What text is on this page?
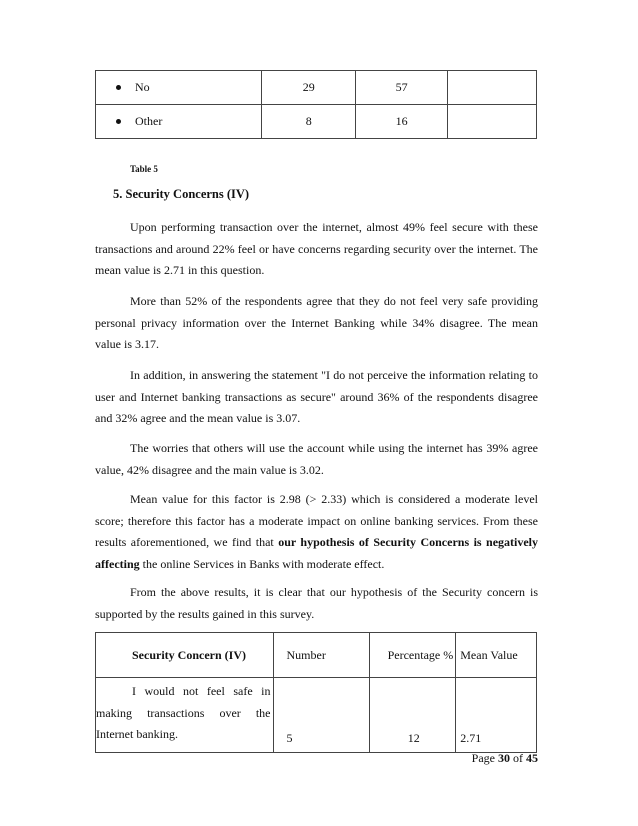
No	29	57	
Other	8	16	
Table 5
5. Security Concerns (IV)
Upon performing transaction over the internet, almost 49% feel secure with these transactions and around 22% feel or have concerns regarding security over the internet. The mean value is 2.71 in this question.
More than 52% of the respondents agree that they do not feel very safe providing personal privacy information over the Internet Banking while 34% disagree. The mean value is 3.17.
In addition, in answering the statement "I do not perceive the information relating to user and Internet banking transactions as secure" around 36% of the respondents disagree and 32% agree and the mean value is 3.07.
The worries that others will use the account while using the internet has 39% agree value, 42% disagree and the main value is 3.02.
Mean value for this factor is 2.98 (> 2.33) which is considered a moderate level score; therefore this factor has a moderate impact on online banking services. From these results aforementioned, we find that our hypothesis of Security Concerns is negatively affecting the online Services in Banks with moderate effect.
From the above results, it is clear that our hypothesis of the Security concern is supported by the results gained in this survey.
Security Concern (IV)	Number	Percentage %	Mean Value
I would not feel safe in making transactions over the Internet banking.	5	12	2.71
Page 30 of 45
